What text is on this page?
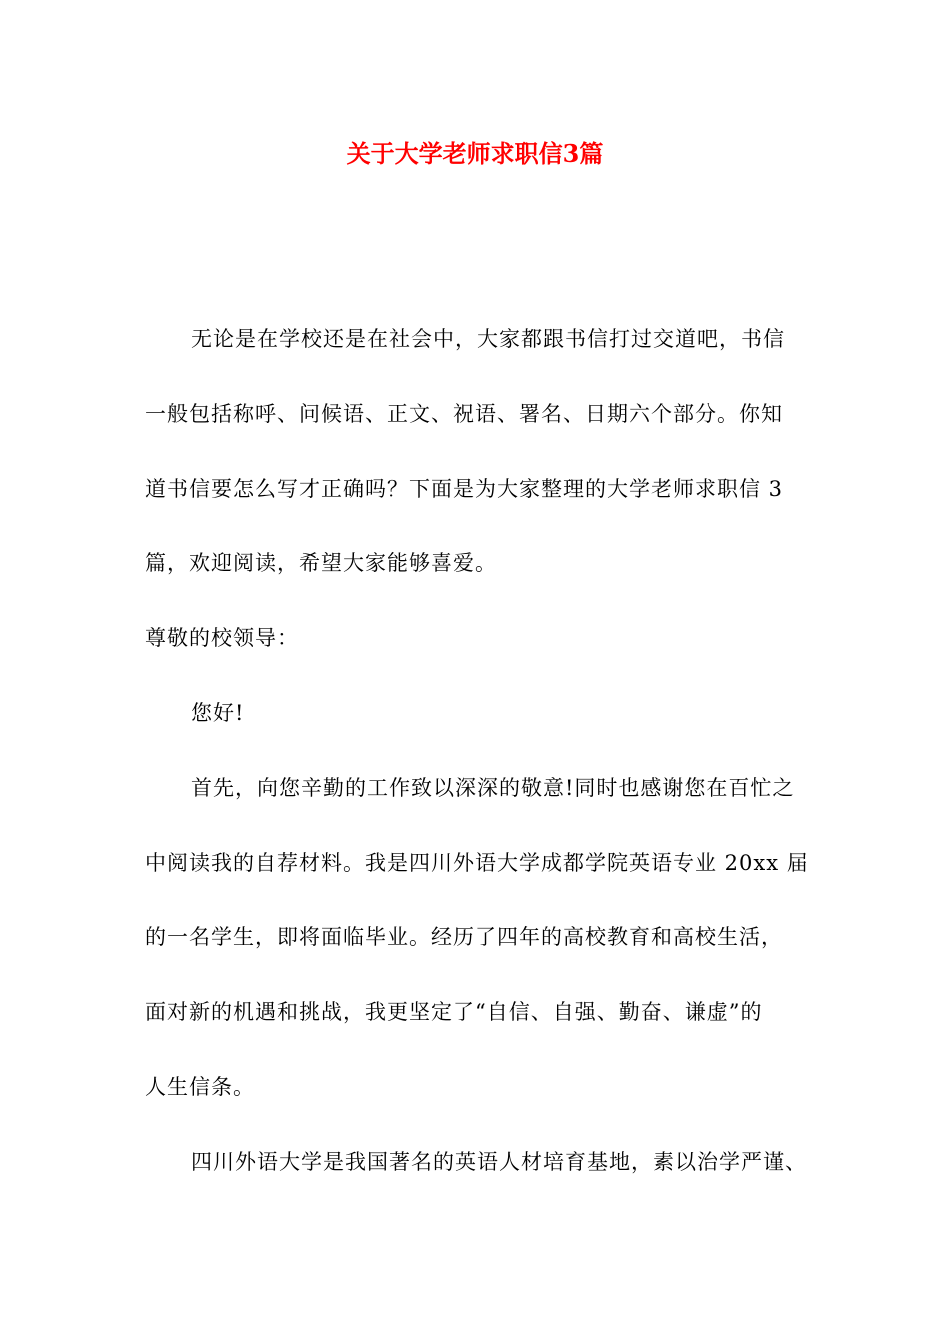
关于大学老师求职信3篇
无论是在学校还是在社会中，大家都跟书信打过交道吧，书信
一般包括称呼、问候语、正文、祝语、署名、日期六个部分。你知
道书信要怎么写才正确吗？下面是为大家整理的大学老师求职信 3
篇，欢迎阅读，希望大家能够喜爱。
尊敬的校领导：
您好!
首先，向您辛勤的工作致以深深的敬意!同时也感谢您在百忙之
中阅读我的自荐材料。我是四川外语大学成都学院英语专业 20xx 届
的一名学生，即将面临毕业。经历了四年的高校教育和高校生活，
面对新的机遇和挑战，我更坚定了“自信、自强、勤奋、谦虚”的
人生信条。
四川外语大学是我国著名的英语人材培育基地，素以治学严谨、
